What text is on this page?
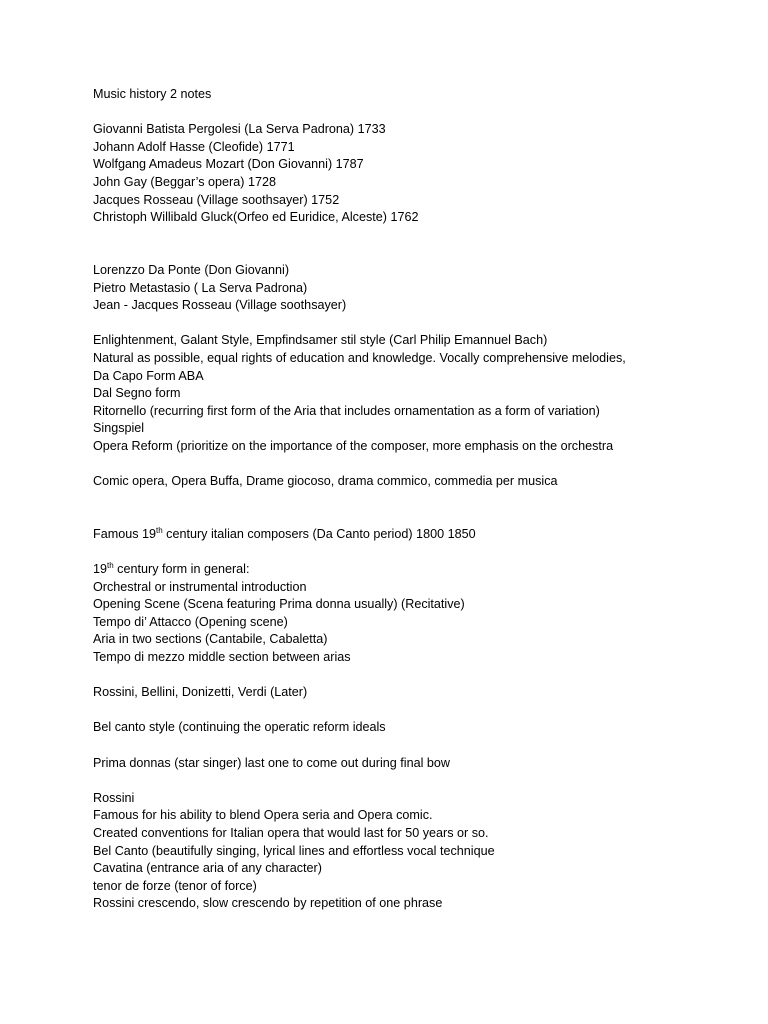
Music history 2 notes
Giovanni Batista Pergolesi (La Serva Padrona) 1733
Johann Adolf Hasse (Cleofide) 1771
Wolfgang Amadeus Mozart (Don Giovanni) 1787
John Gay (Beggar’s opera) 1728
Jacques Rosseau (Village soothsayer) 1752
Christoph Willibald Gluck(Orfeo ed Euridice, Alceste) 1762
Lorenzzo Da Ponte (Don Giovanni)
Pietro Metastasio ( La Serva Padrona)
Jean - Jacques Rosseau (Village soothsayer)
Enlightenment, Galant Style, Empfindsamer stil style (Carl Philip Emannuel Bach)
Natural as possible, equal rights of education and knowledge. Vocally comprehensive melodies,
Da Capo Form ABA
Dal Segno form
Ritornello (recurring first form of the Aria that includes ornamentation as a form of variation)
Singspiel
Opera Reform (prioritize on the importance of the composer, more emphasis on the orchestra
Comic opera, Opera Buffa, Drame giocoso, drama commico, commedia per musica
Famous 19th century italian composers (Da Canto period) 1800 1850
19th century form in general:
Orchestral or instrumental introduction
Opening Scene (Scena featuring Prima donna usually) (Recitative)
Tempo di’ Attacco (Opening scene)
Aria in two sections (Cantabile, Cabaletta)
Tempo di mezzo middle section between arias
Rossini, Bellini, Donizetti, Verdi (Later)
Bel canto style (continuing the operatic reform ideals
Prima donnas (star singer) last one to come out during final bow
Rossini
Famous for his ability to blend Opera seria and Opera comic.
Created conventions for Italian opera that would last for 50 years or so.
Bel Canto (beautifully singing, lyrical lines and effortless vocal technique
Cavatina (entrance aria of any character)
tenor de forze (tenor of force)
Rossini crescendo, slow crescendo by repetition of one phrase
